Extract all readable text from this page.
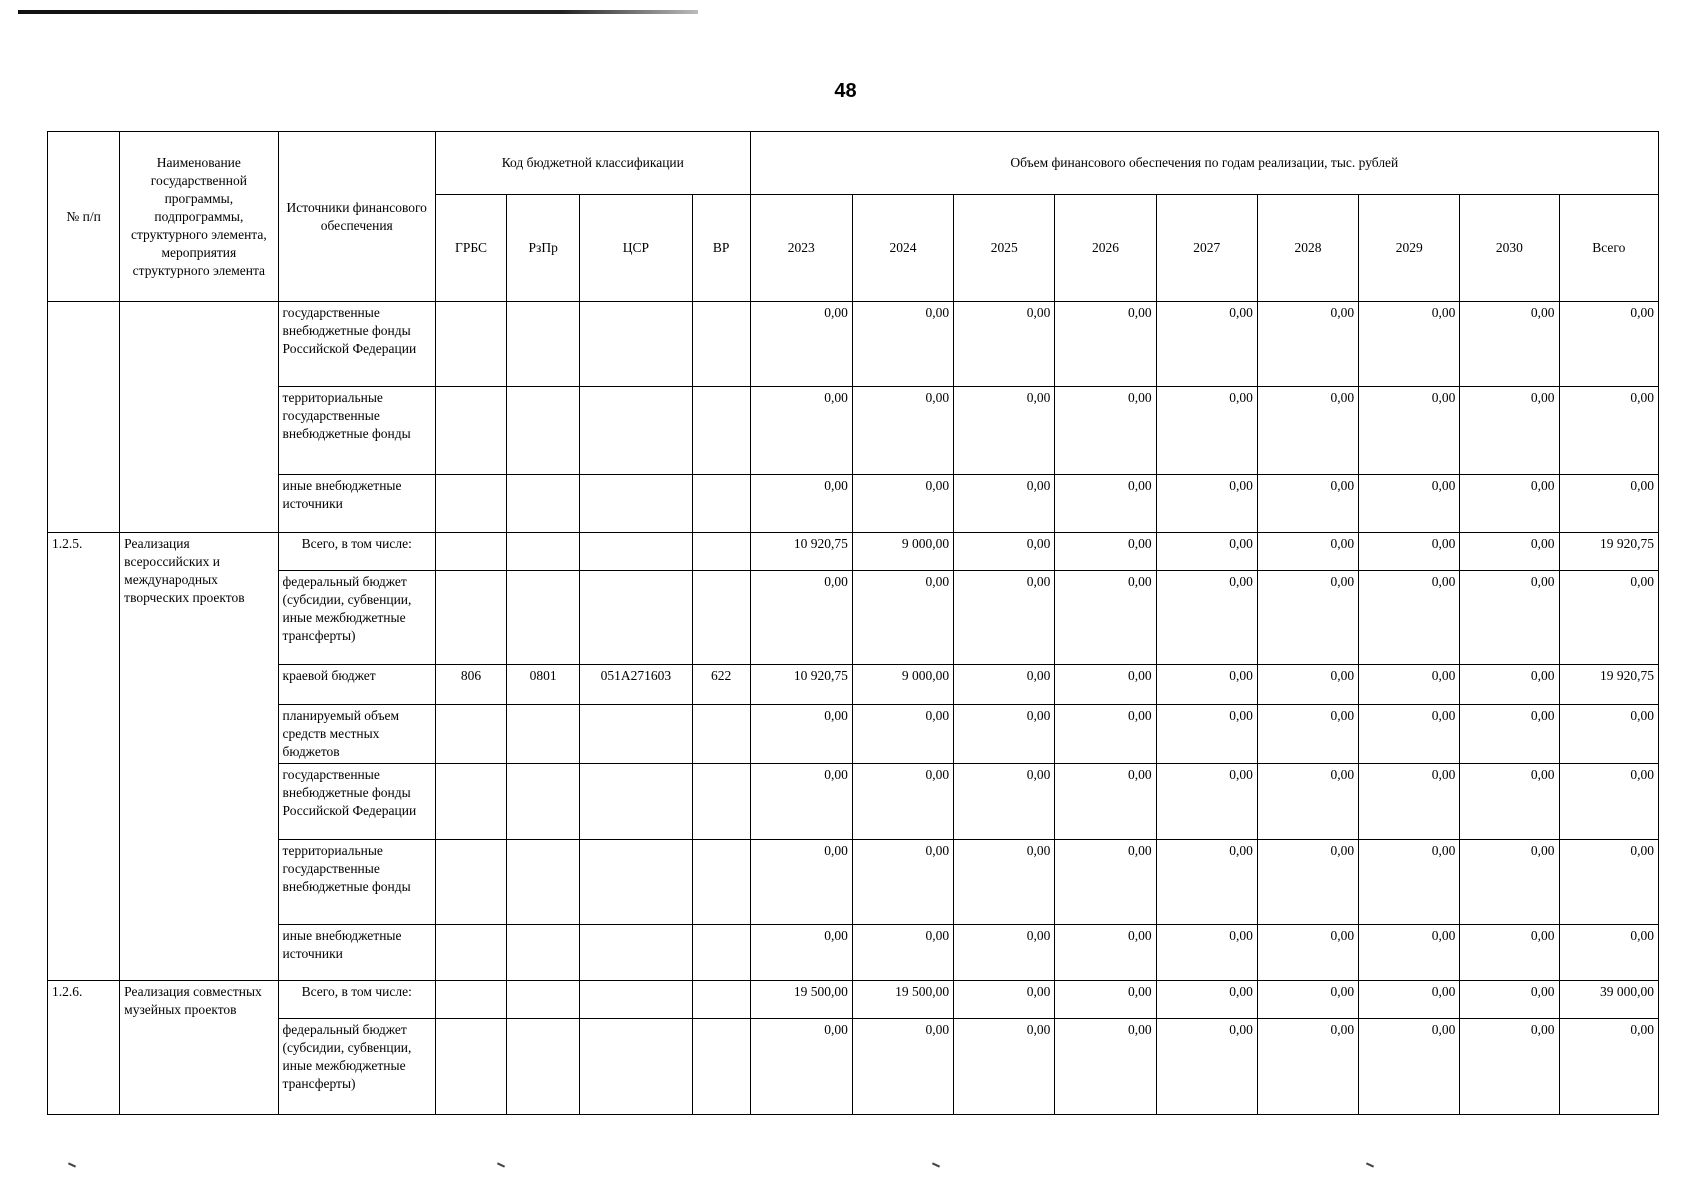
48
№ п/п	Наименование государственной программы, подпрограммы, структурного элемента, мероприятия структурного элемента	Источники финансового обеспечения	Код бюджетной классификации				Объем финансового обеспечения по годам реализации, тыс. рублей								
			ГРБС	РзПр	ЦСР	ВР	2023	2024	2025	2026	2027	2028	2029	2030	Всего
		государственные внебюджетные фонды Российской Федерации					0,00	0,00	0,00	0,00	0,00	0,00	0,00	0,00	0,00
		территориальные государственные внебюджетные фонды					0,00	0,00	0,00	0,00	0,00	0,00	0,00	0,00	0,00
		иные внебюджетные источники					0,00	0,00	0,00	0,00	0,00	0,00	0,00	0,00	0,00
1.2.5.	Реализация всероссийских и международных творческих проектов	Всего, в том числе:					10 920,75	9 000,00	0,00	0,00	0,00	0,00	0,00	0,00	19 920,75
		федеральный бюджет (субсидии, субвенции, иные межбюджетные трансферты)					0,00	0,00	0,00	0,00	0,00	0,00	0,00	0,00	0,00
		краевой бюджет	806	0801	051А271603	622	10 920,75	9 000,00	0,00	0,00	0,00	0,00	0,00	0,00	19 920,75
		планируемый объем средств местных бюджетов					0,00	0,00	0,00	0,00	0,00	0,00	0,00	0,00	0,00
		государственные внебюджетные фонды Российской Федерации					0,00	0,00	0,00	0,00	0,00	0,00	0,00	0,00	0,00
		территориальные государственные внебюджетные фонды					0,00	0,00	0,00	0,00	0,00	0,00	0,00	0,00	0,00
		иные внебюджетные источники					0,00	0,00	0,00	0,00	0,00	0,00	0,00	0,00	0,00
1.2.6.	Реализация совместных музейных проектов	Всего, в том числе:					19 500,00	19 500,00	0,00	0,00	0,00	0,00	0,00	0,00	39 000,00
		федеральный бюджет (субсидии, субвенции, иные межбюджетные трансферты)					0,00	0,00	0,00	0,00	0,00	0,00	0,00	0,00	0,00
